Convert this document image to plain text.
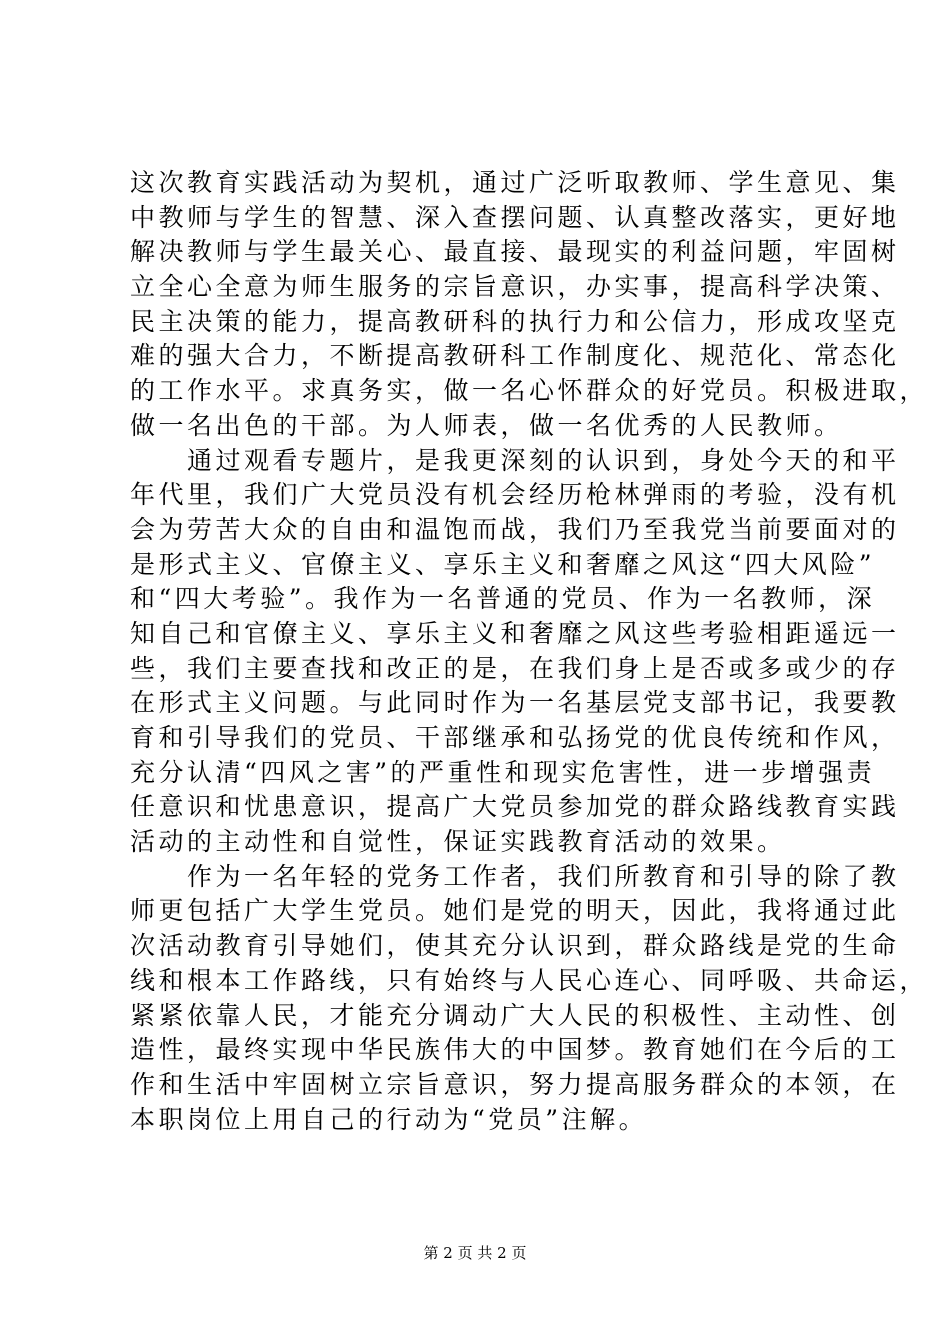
这次教育实践活动为契机，通过广泛听取教师、学生意见、集
中教师与学生的智慧、深入查摆问题、认真整改落实，更好地
解决教师与学生最关心、最直接、最现实的利益问题，牢固树
立全心全意为师生服务的宗旨意识，办实事，提高科学决策、
民主决策的能力，提高教研科的执行力和公信力，形成攻坚克
难的强大合力，不断提高教研科工作制度化、规范化、常态化
的工作水平。求真务实，做一名心怀群众的好党员。积极进取，
做一名出色的干部。为人师表，做一名优秀的人民教师。
　　通过观看专题片，是我更深刻的认识到，身处今天的和平
年代里，我们广大党员没有机会经历枪林弹雨的考验，没有机
会为劳苦大众的自由和温饱而战，我们乃至我党当前要面对的
是形式主义、官僚主义、享乐主义和奢靡之风这“四大风险”
和“四大考验”。我作为一名普通的党员、作为一名教师，深
知自己和官僚主义、享乐主义和奢靡之风这些考验相距遥远一
些，我们主要查找和改正的是，在我们身上是否或多或少的存
在形式主义问题。与此同时作为一名基层党支部书记，我要教
育和引导我们的党员、干部继承和弘扬党的优良传统和作风，
充分认清“四风之害”的严重性和现实危害性，进一步增强责
任意识和忧患意识，提高广大党员参加党的群众路线教育实践
活动的主动性和自觉性，保证实践教育活动的效果。
　　作为一名年轻的党务工作者，我们所教育和引导的除了教
师更包括广大学生党员。她们是党的明天，因此，我将通过此
次活动教育引导她们，使其充分认识到，群众路线是党的生命
线和根本工作路线，只有始终与人民心连心、同呼吸、共命运，
紧紧依靠人民，才能充分调动广大人民的积极性、主动性、创
造性，最终实现中华民族伟大的中国梦。教育她们在今后的工
作和生活中牢固树立宗旨意识，努力提高服务群众的本领，在
本职岗位上用自己的行动为“党员”注解。
第 2 页 共 2 页
